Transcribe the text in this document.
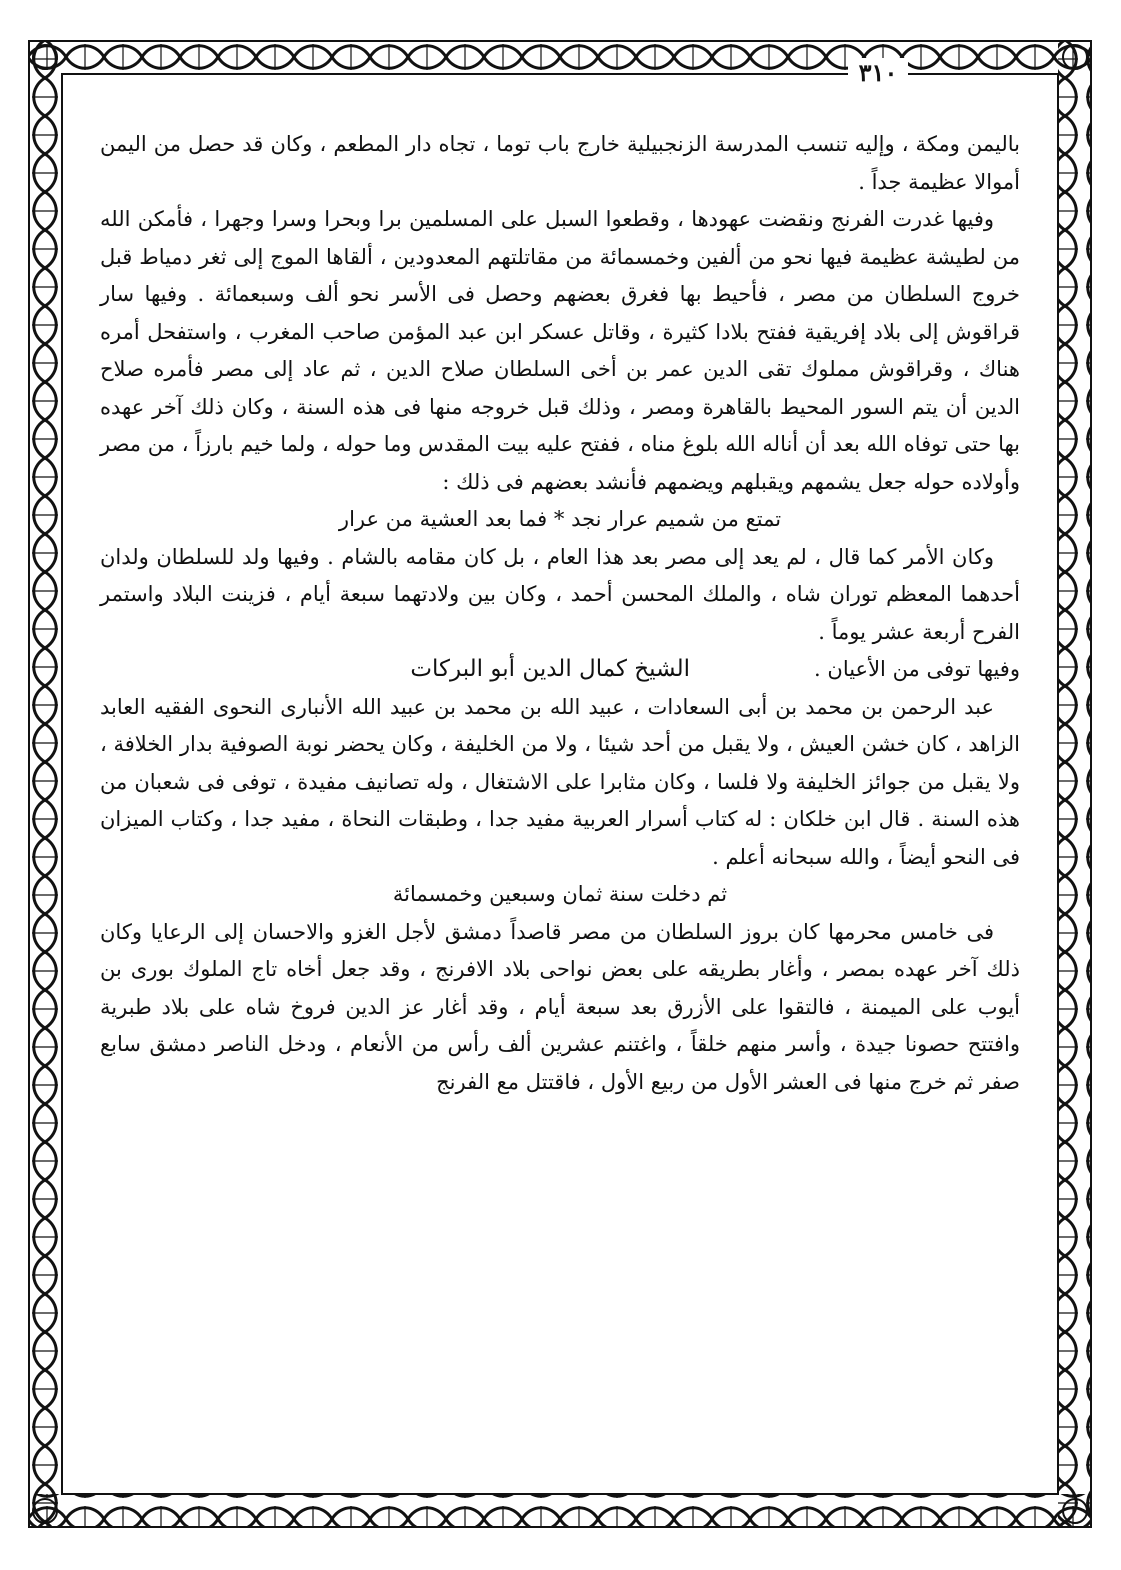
٣١٠

باليمن ومكة ، وإليه تنسب المدرسة الزنجبيلية خارج باب توما ، تجاه دار المطعم ، وكان قد حصل من اليمن أموالا عظيمة جداً .

وفيها غدرت الفرنج ونقضت عهودها ، وقطعوا السبل على المسلمين برا وبحرا وسرا وجهرا ، فأمكن الله من لطيشة عظيمة فيها نحو من ألفين وخمسمائة من مقاتلتهم المعدودين ، ألقاها الموج إلى ثغر دمياط قبل خروج السلطان من مصر ، فأحيط بها فغرق بعضهم وحصل فى الأسر نحو ألف وسبعمائة . وفيها سار قراقوش إلى بلاد إفريقية ففتح بلادا كثيرة ، وقاتل عسكر ابن عبد المؤمن صاحب المغرب ، واستفحل أمره هناك ، وقراقوش مملوك تقى الدين عمر بن أخى السلطان صلاح الدين ، ثم عاد إلى مصر فأمره صلاح الدين أن يتم السور المحيط بالقاهرة ومصر ، وذلك قبل خروجه منها فى هذه السنة ، وكان ذلك آخر عهده بها حتى توفاه الله بعد أن أناله الله بلوغ مناه ، ففتح عليه بيت المقدس وما حوله ، ولما خيم بارزاً ، من مصر وأولاده حوله جعل يشمهم ويقبلهم ويضمهم فأنشد بعضهم فى ذلك :

تمتع من شميم عرار نجد * فما بعد العشية من عرار

وكان الأمر كما قال ، لم يعد إلى مصر بعد هذا العام ، بل كان مقامه بالشام . وفيها ولد للسلطان ولدان أحدهما المعظم توران شاه ، والملك المحسن أحمد ، وكان بين ولادتهما سبعة أيام ، فزينت البلاد واستمر الفرح أربعة عشر يوماً .

وفيها توفى من الأعيان .
الشيخ كمال الدين أبو البركات

عبد الرحمن بن محمد بن أبى السعادات ، عبيد الله بن محمد بن عبيد الله الأنبارى النحوى الفقيه العابد الزاهد ، كان خشن العيش ، ولا يقبل من أحد شيئا ، ولا من الخليفة ، وكان يحضر نوبة الصوفية بدار الخلافة ، ولا يقبل من جوائز الخليفة ولا فلسا ، وكان مثابرا على الاشتغال ، وله تصانيف مفيدة ، توفى فى شعبان من هذه السنة . قال ابن خلكان : له كتاب أسرار العربية مفيد جدا ، وطبقات النحاة ، مفيد جدا ، وكتاب الميزان فى النحو أيضاً ، والله سبحانه أعلم .

ثم دخلت سنة ثمان وسبعين وخمسمائة

فى خامس محرمها كان بروز السلطان من مصر قاصداً دمشق لأجل الغزو والاحسان إلى الرعايا وكان ذلك آخر عهده بمصر ، وأغار بطريقه على بعض نواحى بلاد الافرنج ، وقد جعل أخاه تاج الملوك بورى بن أيوب على الميمنة ، فالتقوا على الأزرق بعد سبعة أيام ، وقد أغار عز الدين فروخ شاه على بلاد طبرية وافتتح حصونا جيدة ، وأسر منهم خلقاً ، واغتنم عشرين ألف رأس من الأنعام ، ودخل الناصر دمشق سابع صفر ثم خرج منها فى العشر الأول من ربيع الأول ، فاقتتل مع الفرنج
